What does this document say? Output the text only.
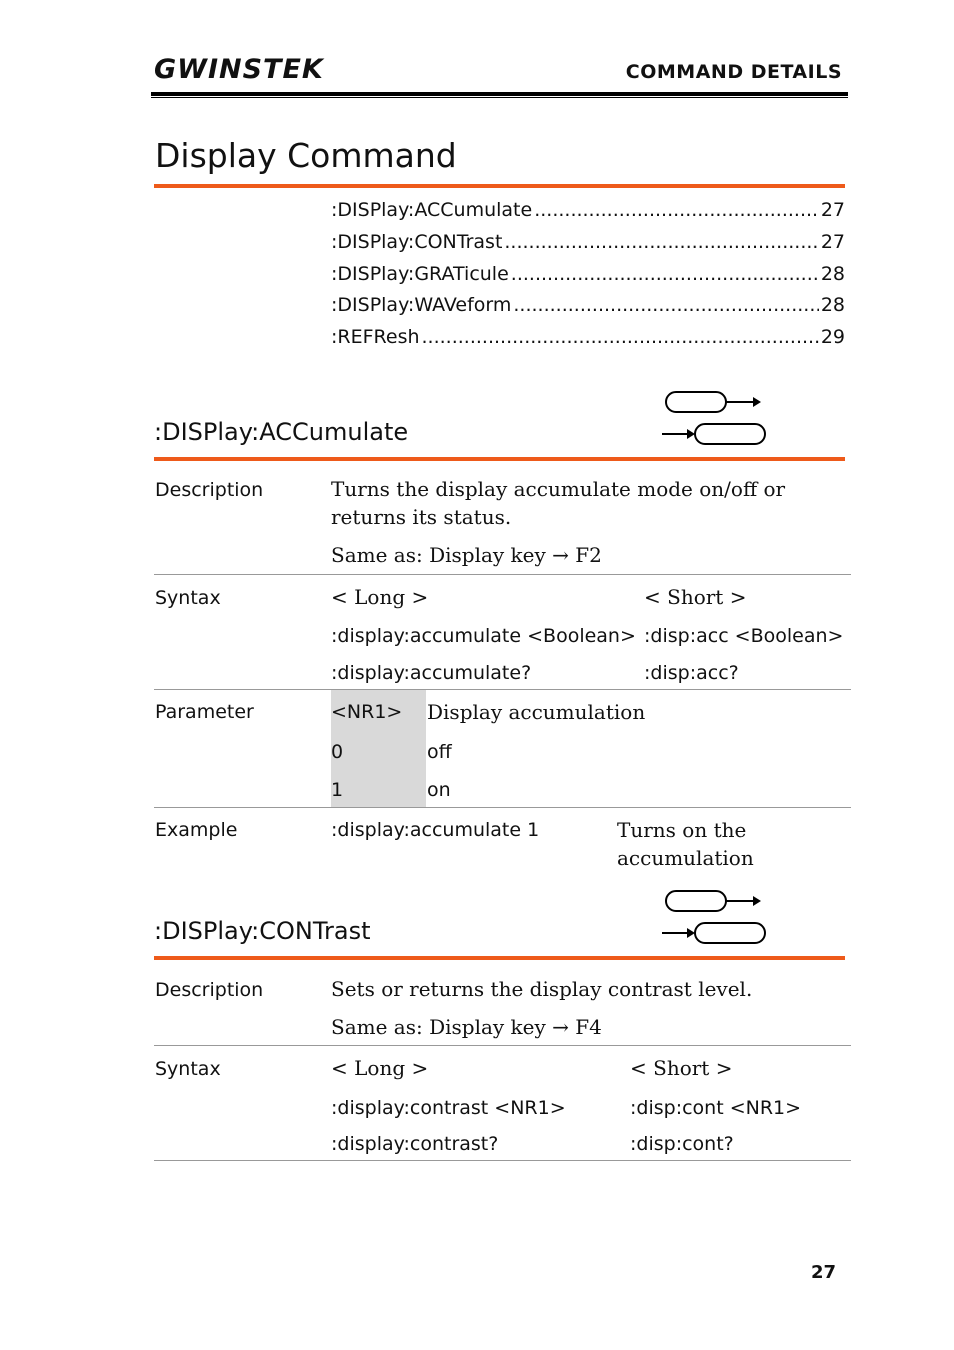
GWINSTEK	COMMAND DETAILS
Display Command
:DISPlay:ACCumulate .....	27
:DISPlay:CONTrast .....	27
:DISPlay:GRATicule .....	28
:DISPlay:WAVeform .....	28
:REFResh .....	29
:DISPlay:ACCumulate
Description	Turns the display accumulate mode on/off or
returns its status.
Same as: Display key → F2
Syntax	< Long >	< Short >
:display:accumulate <Boolean> :disp:acc <Boolean>
:display:accumulate?	:disp:acc?
Parameter	<NR1> Display accumulation
0	off
1	on
Example	:display:accumulate 1	Turns on the
accumulation
:DISPlay:CONTrast
Description	Sets or returns the display contrast level.
Same as: Display key → F4
Syntax	< Long >	< Short >
:display:contrast <NR1>	:disp:cont <NR1>
:display:contrast?	:disp:cont?
27
